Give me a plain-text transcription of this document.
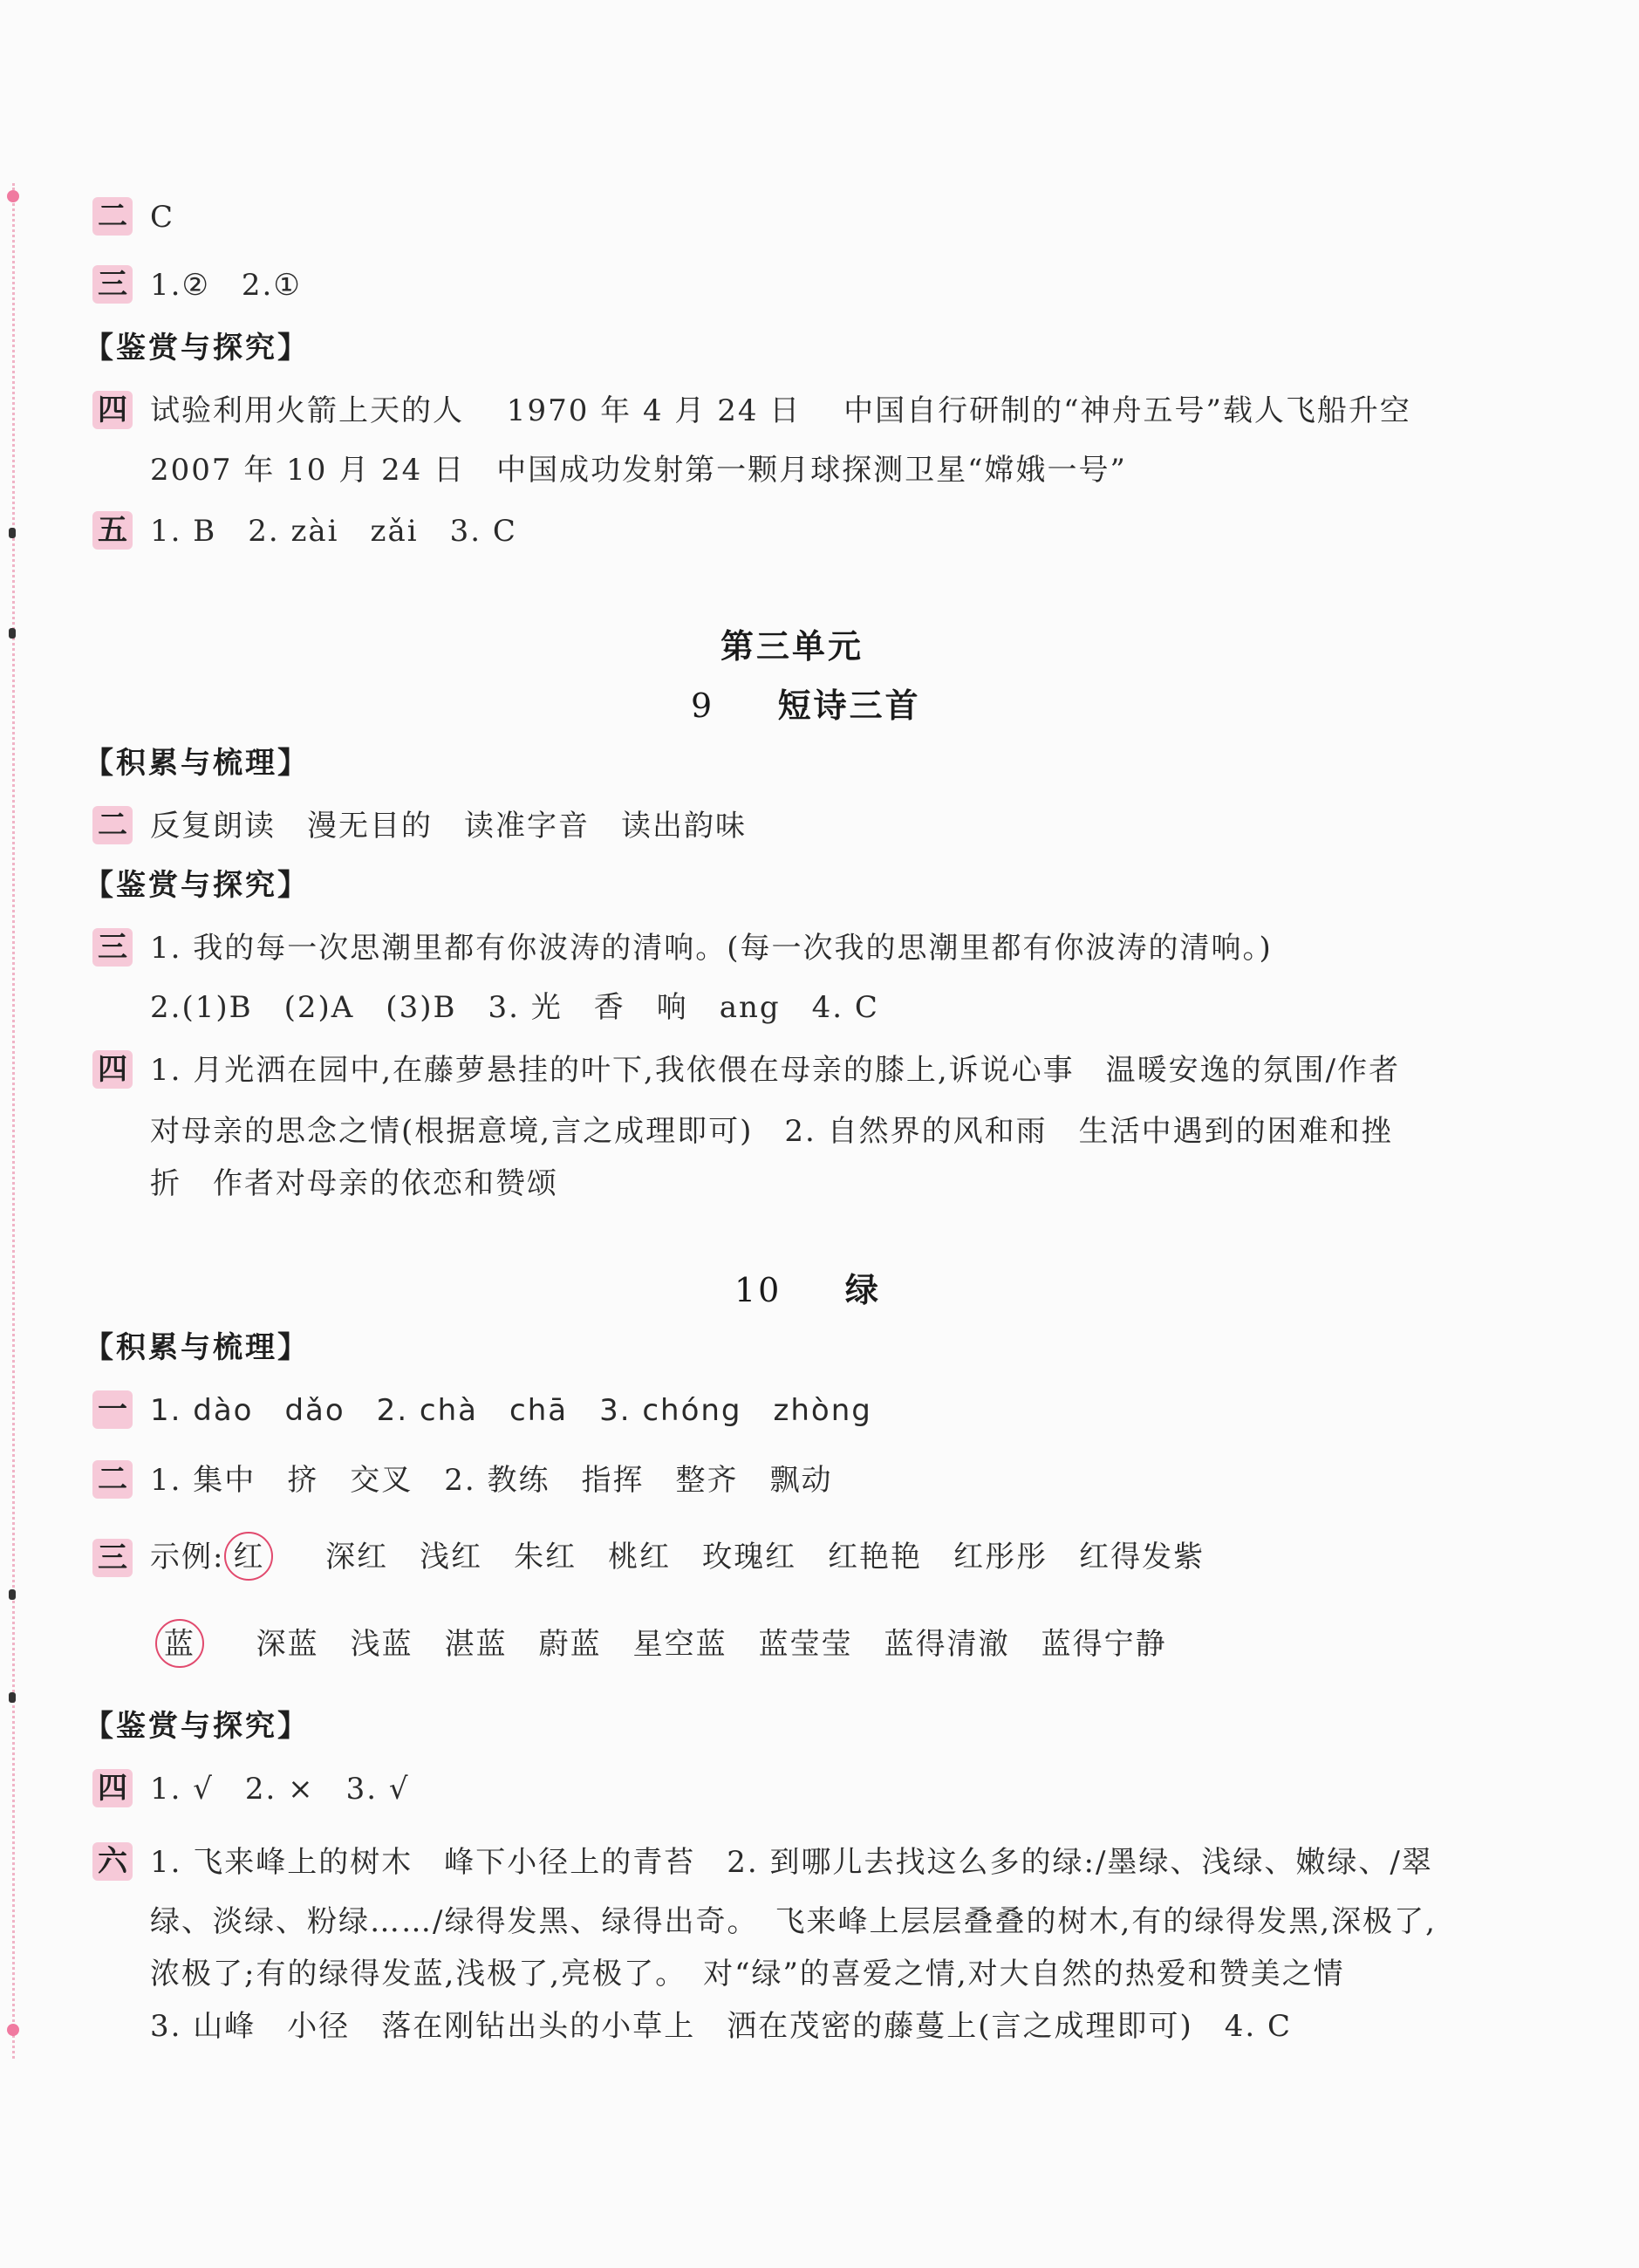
二 C
三 1.②　2.①
【鉴赏与探究】
四 试验利用火箭上天的人　 1970 年 4 月 24 日　 中国自行研制的“神舟五号”载人飞船升空
2007 年 10 月 24 日　中国成功发射第一颗月球探测卫星“嫦娥一号”
五 1. B　2. zài　zǎi　3. C
第三单元
9 短诗三首
【积累与梳理】
二 反复朗读　漫无目的　读准字音　读出韵味
【鉴赏与探究】
三 1. 我的每一次思潮里都有你波涛的清响。(每一次我的思潮里都有你波涛的清响。)
2.(1)B　(2)A　(3)B　3. 光　香　响　ang　4. C
四 1. 月光洒在园中,在藤萝悬挂的叶下,我依偎在母亲的膝上,诉说心事　温暖安逸的氛围/作者
对母亲的思念之情(根据意境,言之成理即可)　2. 自然界的风和雨　生活中遇到的困难和挫
折　作者对母亲的依恋和赞颂
10 绿
【积累与梳理】
一 1. dào　dǎo　2. chà　chā　3. chóng　zhòng
二 1. 集中　挤　交叉　2. 教练　指挥　整齐　飘动
三 示例: 红 深红　浅红　朱红　桃红　玫瑰红　红艳艳　红彤彤　红得发紫
蓝 深蓝　浅蓝　湛蓝　蔚蓝　星空蓝　蓝莹莹　蓝得清澈　蓝得宁静
【鉴赏与探究】
四 1. √　2. ×　3. √
六 1. 飞来峰上的树木　峰下小径上的青苔　2. 到哪儿去找这么多的绿:/墨绿、浅绿、嫩绿、/翠
绿、淡绿、粉绿……/绿得发黑、绿得出奇。　飞来峰上层层叠叠的树木,有的绿得发黑,深极了,
浓极了;有的绿得发蓝,浅极了,亮极了。　对“绿”的喜爱之情,对大自然的热爱和赞美之情
3. 山峰　小径　落在刚钻出头的小草上　洒在茂密的藤蔓上(言之成理即可)　4. C
